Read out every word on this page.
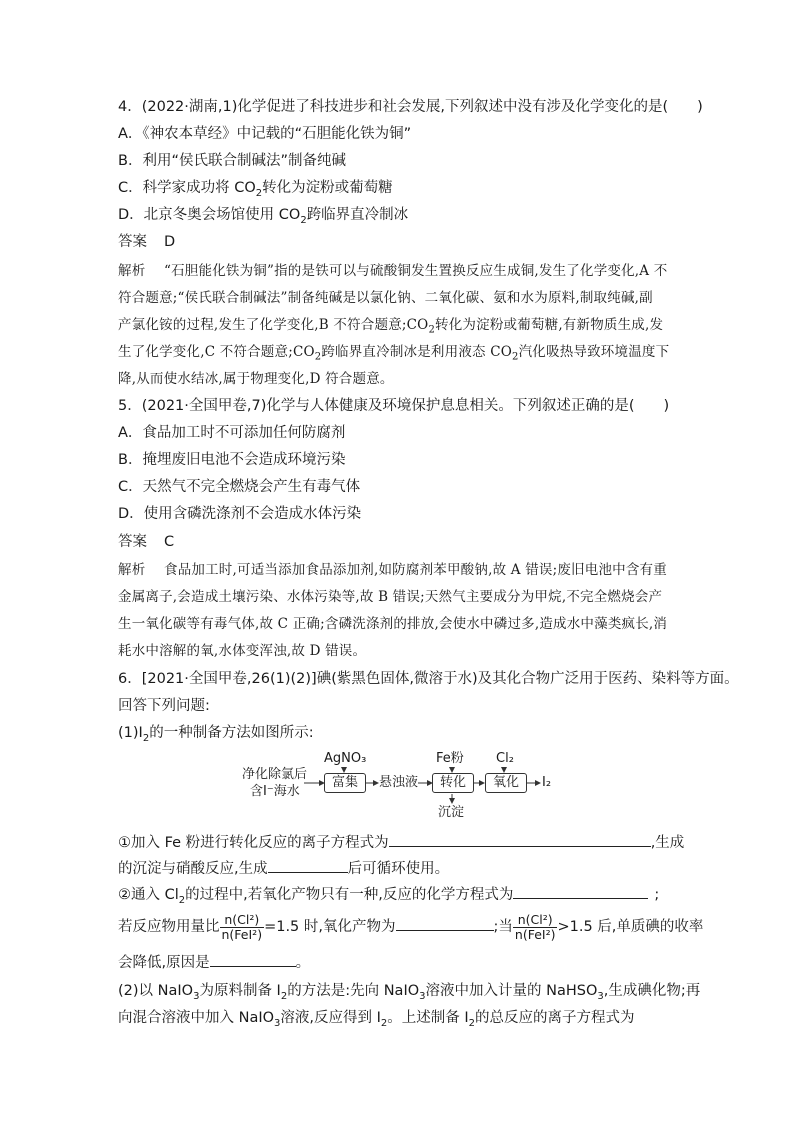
4．(2022·湖南,1)化学促进了科技进步和社会发展,下列叙述中没有涉及化学变化的是(　　)
A．《神农本草经》中记载的“石胆能化铁为铜”
B．利用“侯氏联合制碱法”制备纯碱
C．科学家成功将 $CO_2$转化为淀粉或葡萄糖
D．北京冬奥会场馆使用 $CO_2$跨临界直冷制冰
答案 D
解析 “石胆能化铁为铜”指的是铁可以与硫酸铜发生置换反应生成铜,发生了化学变化,A 不
符合题意;“侯氏联合制碱法”制备纯碱是以氯化钠、二氧化碳、氨和水为原料,制取纯碱,副
产氯化铵的过程,发生了化学变化,B 不符合题意$;CO_2$转化为淀粉或葡萄糖,有新物质生成,发
生了化学变化,C 不符合题意$;CO_2$跨临界直冷制冰是利用液态 $CO_2$汽化吸热导致环境温度下
降,从而使水结冰,属于物理变化,D 符合题意。
5．(2021·全国甲卷,7)化学与人体健康及环境保护息息相关。下列叙述正确的是(　　)
A．食品加工时不可添加任何防腐剂
B．掩埋废旧电池不会造成环境污染
C．天然气不完全燃烧会产生有毒气体
D．使用含磷洗涤剂不会造成水体污染
答案 C
解析 食品加工时,可适当添加食品添加剂,如防腐剂苯甲酸钠,故 A 错误;废旧电池中含有重
金属离子,会造成土壤污染、水体污染等,故 B 错误;天然气主要成分为甲烷,不完全燃烧会产
生一氧化碳等有毒气体,故 C 正确;含磷洗涤剂的排放,会使水中磷过多,造成水中藻类疯长,消
耗水中溶解的氧,水体变浑浊,故 D 错误。
6．[2021·全国甲卷,26(1)(2)]碘(紫黑色固体,微溶于水)及其化合物广泛用于医药、染料等方面。
回答下列问题:
$(1)I_2$的一种制备方法如图所示:
净化除氯后
含I⁻海水
AgNO₃
富集	悬浊液
Fe粉
转化
沉淀
Cl₂
氧化	I₂
①加入 Fe 粉进行转化反应的离子方程式为	,生成
的沉淀与硝酸反应,生成	后可循环使用。
②通入 $Cl_2$的过程中,若氧化产物只有一种,反应的化学方程式为	;
若反应物用量比 $\frac{\text{n(Cl²)}}{\text{n(FeI²)}} =1.5$ 时,氧化产物为	;当 $\frac{\text{n(Cl²)}}{\text{n(FeI²)}} >1.5$ 后,单质碘的收率
会降低,原因是	。
(2)以 NaIO$_3$为原料制备 $I_2$的方法是:先向 NaIO$_3$溶液中加入计量的 NaHSO$_3$,生成碘化物;再
向混合溶液中加入 NaIO$_3$溶液,反应得到 $I_2$。上述制备 $I_2$的总反应的离子方程式为
